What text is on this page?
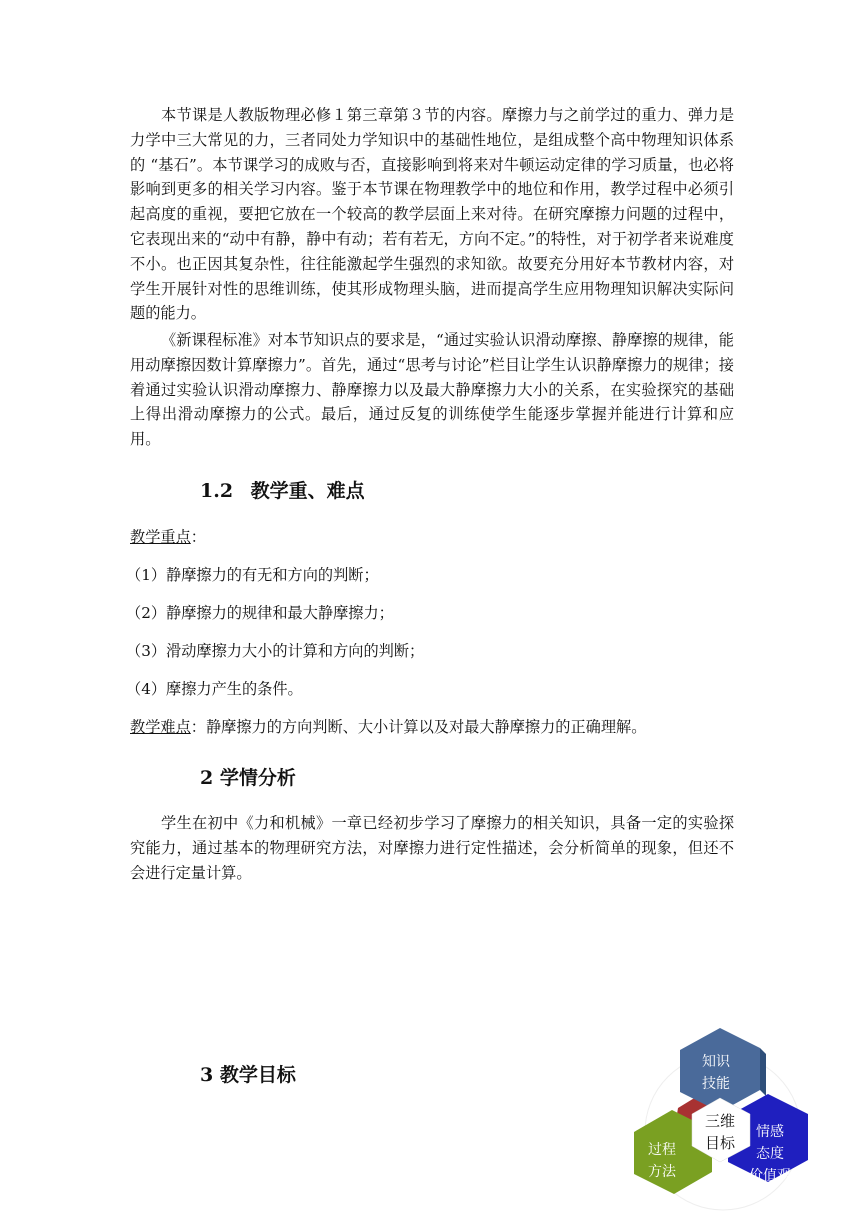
本节课是人教版物理必修１第三章第３节的内容。摩擦力与之前学过的重力、弹力是力学中三大常见的力，三者同处力学知识中的基础性地位，是组成整个高中物理知识体系的 “基石”。本节课学习的成败与否，直接影响到将来对牛顿运动定律的学习质量，也必将影响到更多的相关学习内容。鉴于本节课在物理教学中的地位和作用，教学过程中必须引起高度的重视，要把它放在一个较高的教学层面上来对待。在研究摩擦力问题的过程中，它表现出来的“动中有静，静中有动；若有若无，方向不定。”的特性，对于初学者来说难度不小。也正因其复杂性，往往能激起学生强烈的求知欲。故要充分用好本节教材内容，对学生开展针对性的思维训练，使其形成物理头脑，进而提高学生应用物理知识解决实际问题的能力。

《新课程标准》对本节知识点的要求是，“通过实验认识滑动摩擦、静摩擦的规律，能用动摩擦因数计算摩擦力”。首先，通过“思考与讨论”栏目让学生认识静摩擦力的规律；接着通过实验认识滑动摩擦力、静摩擦力以及最大静摩擦力大小的关系，在实验探究的基础上得出滑动摩擦力的公式。最后，通过反复的训练使学生能逐步掌握并能进行计算和应用。

1.2 教学重、难点

教学重点：

（1）静摩擦力的有无和方向的判断；

（2）静摩擦力的规律和最大静摩擦力；

（3）滑动摩擦力大小的计算和方向的判断；

（4）摩擦力产生的条件。

教学难点：静摩擦力的方向判断、大小计算以及对最大静摩擦力的正确理解。

2 学情分析

学生在初中《力和机械》一章已经初步学习了摩擦力的相关知识，具备一定的实验探究能力，通过基本的物理研究方法，对摩擦力进行定性描述，会分析简单的现象，但还不会进行定量计算。

3 教学目标
三维
目标
知识
技能
过程
方法
情感
态度
价值观
